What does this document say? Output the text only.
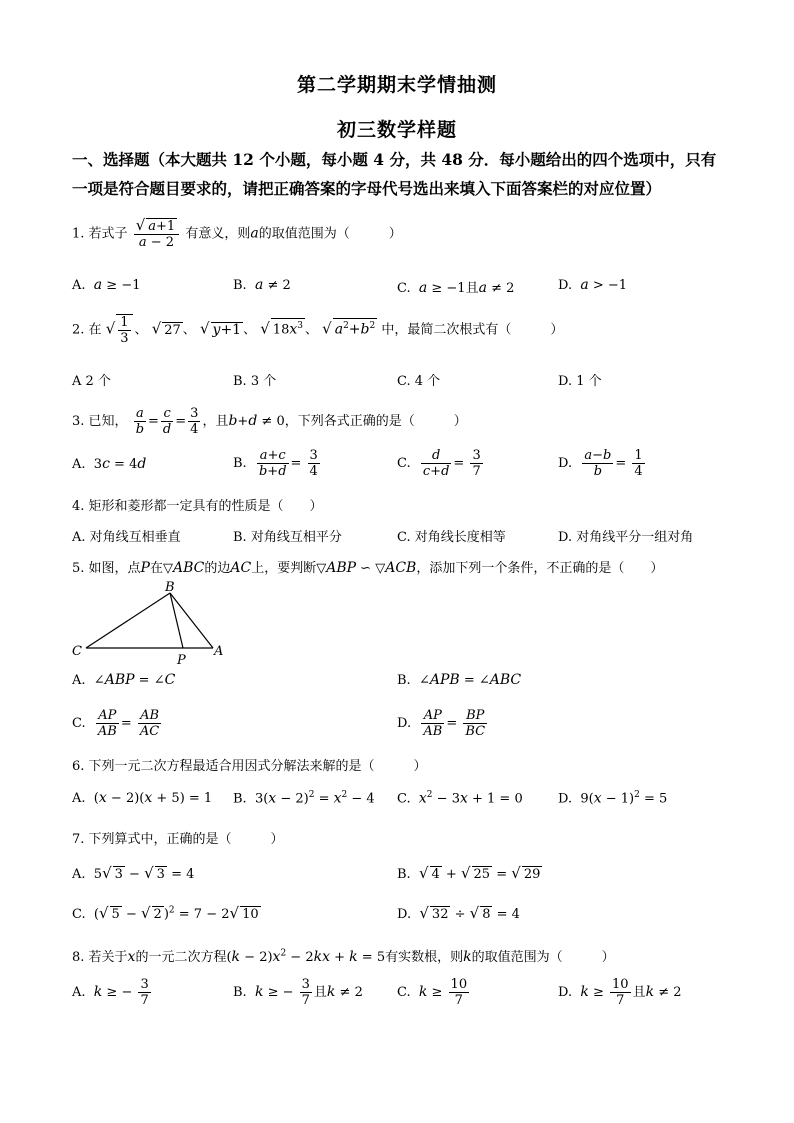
第二学期期末学情抽测
初三数学样题
一、选择题（本大题共 12 个小题，每小题 4 分，共 48 分．每小题给出的四个选项中，只有
一项是符合题目要求的，请把正确答案的字母代号选出来填入下面答案栏的对应位置）
1. 若式子 $\frac{√ a+1}{a - 2}$ 有意义，则a的取值范围为（　　　）
A. a ≥ −1	B. a ≠ 2	C. a ≥ −1且a ≠ 2	D. a > −1
2. 在 √ $\frac{1}{3}$ 、 √ 27 、 √ y+1 、 √ $18x^3$ 、 √ $a^2+b^2$ 中，最简二次根式有（　　　）
A 2 个	B. 3 个	C. 4 个	D. 1 个
3. 已知， $\frac{a}{b} = \frac{c}{d} = \frac{3}{4}$ ，且b+d ≠ 0，下列各式正确的是（　　　）
A.  3c = 4d	B. $\frac{a+c}{b+d} = \frac{3}{4}$	C. $\frac{d}{c+d} = \frac{3}{7}$	D. $\frac{a-b}{b} = \frac{1}{4}$
4. 矩形和菱形都一定具有的性质是（　　）
A. 对角线互相垂直	B. 对角线互相平分	C. 对角线长度相等	D. 对角线平分一组对角
5. 如图，点P在▽ABC的边AC上，要判断▽ABP ∽ ▽ACB，添加下列一个条件，不正确的是（　　）
B
C
P
A
A.  ∠ABP = ∠C	B.  ∠APB = ∠ABC
C. $\frac{AP}{AB} = \frac{AB}{AC}$	D. $\frac{AP}{AB} = \frac{BP}{BC}$
6. 下列一元二次方程最适合用因式分解法来解的是（　　　）
A.  (x − 2)(x + 5) = 1 B.  $3(x - 2)^2 = x^2 - 4$ C. $x^2 - 3x + 1 = 0$	D.  $9(x - 1)^2 = 5$
7. 下列算式中，正确的是（　　　）
A.  5√ 3 − √ 3 = 4	B. √ 4 + √ 25 = √ 29
C.  (√ 5 − √ 2 )$^2$ = 7 − 2√ 10	D. √ 32 ÷ √ 8 = 4
8. 若关于x的一元二次方程$(k - 2)x^2 - 2kx + k = 5$有实数根，则k的取值范围为（　　　）
A. k ≥ − $\frac{3}{7}$	B. k ≥ − $\frac{3}{7}$ 且k ≠ 2	C. $k \ge \frac{10}{7}$	D. $k \ge \frac{10}{7}$ 且k ≠ 2
